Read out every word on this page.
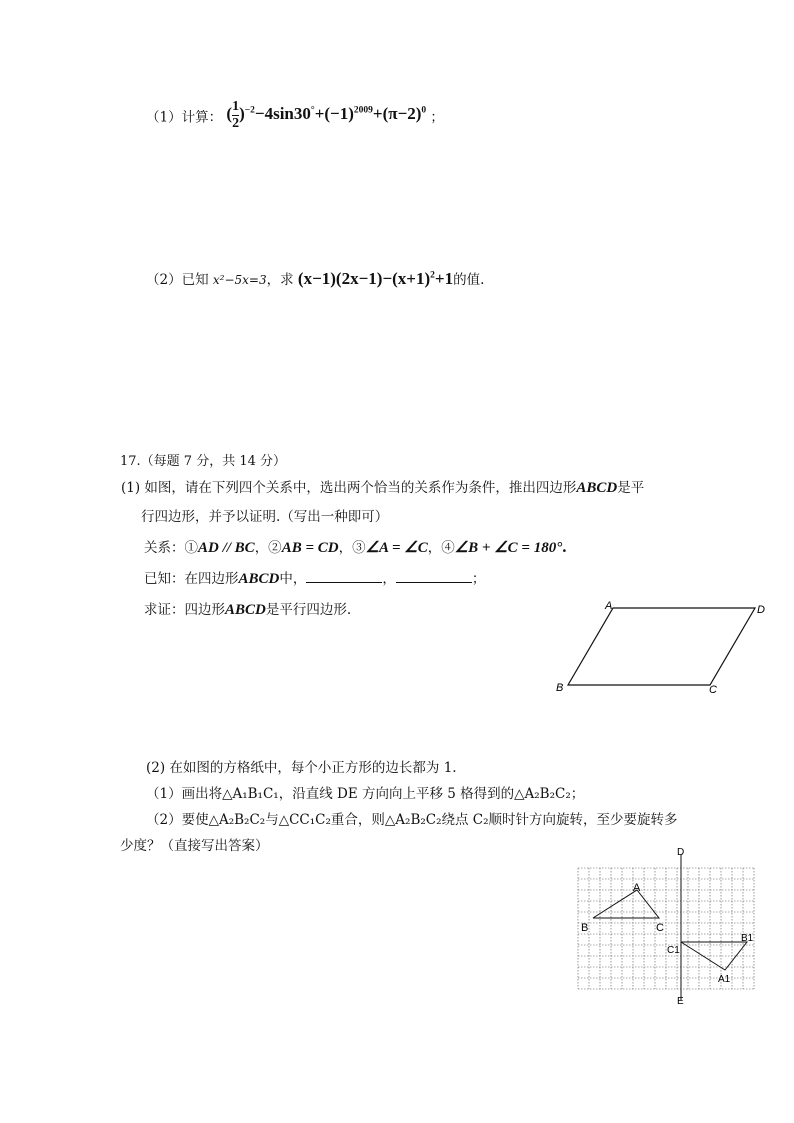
（1）计算： ( $\frac{1}{2} )^{-2}-4\sin 30^\circ+(-1)^{2009}+(\pi-2)^0$ ；
（2）已知 x²−5x=3，求 $(x-1)(2x-1)-(x+1)^2+1$的值.
17.（每题 7 分，共 14 分）
(1) 如图，请在下列四个关系中，选出两个恰当的关系作为条件，推出四边形ABCD是平
行四边形，并予以证明.（写出一种即可）
关系：①AD // BC，②AB = CD，③∠A = ∠C，④∠B + ∠C = 180°.
已知：在四边形ABCD中，	，	；
求证：四边形ABCD是平行四边形.	A	D
B	C
(2) 在如图的方格纸中，每个小正方形的边长都为 1.
（1）画出将△A₁B₁C₁，沿直线 DE 方向向上平移 5 格得到的△A₂B₂C₂；
（2）要使△A₂B₂C₂与△CC₁C₂重合，则△A₂B₂C₂绕点 C₂顺时针方向旋转，至少要旋转多
少度？（直接写出答案）	D
E
A
B	C
C1
B1
A1
